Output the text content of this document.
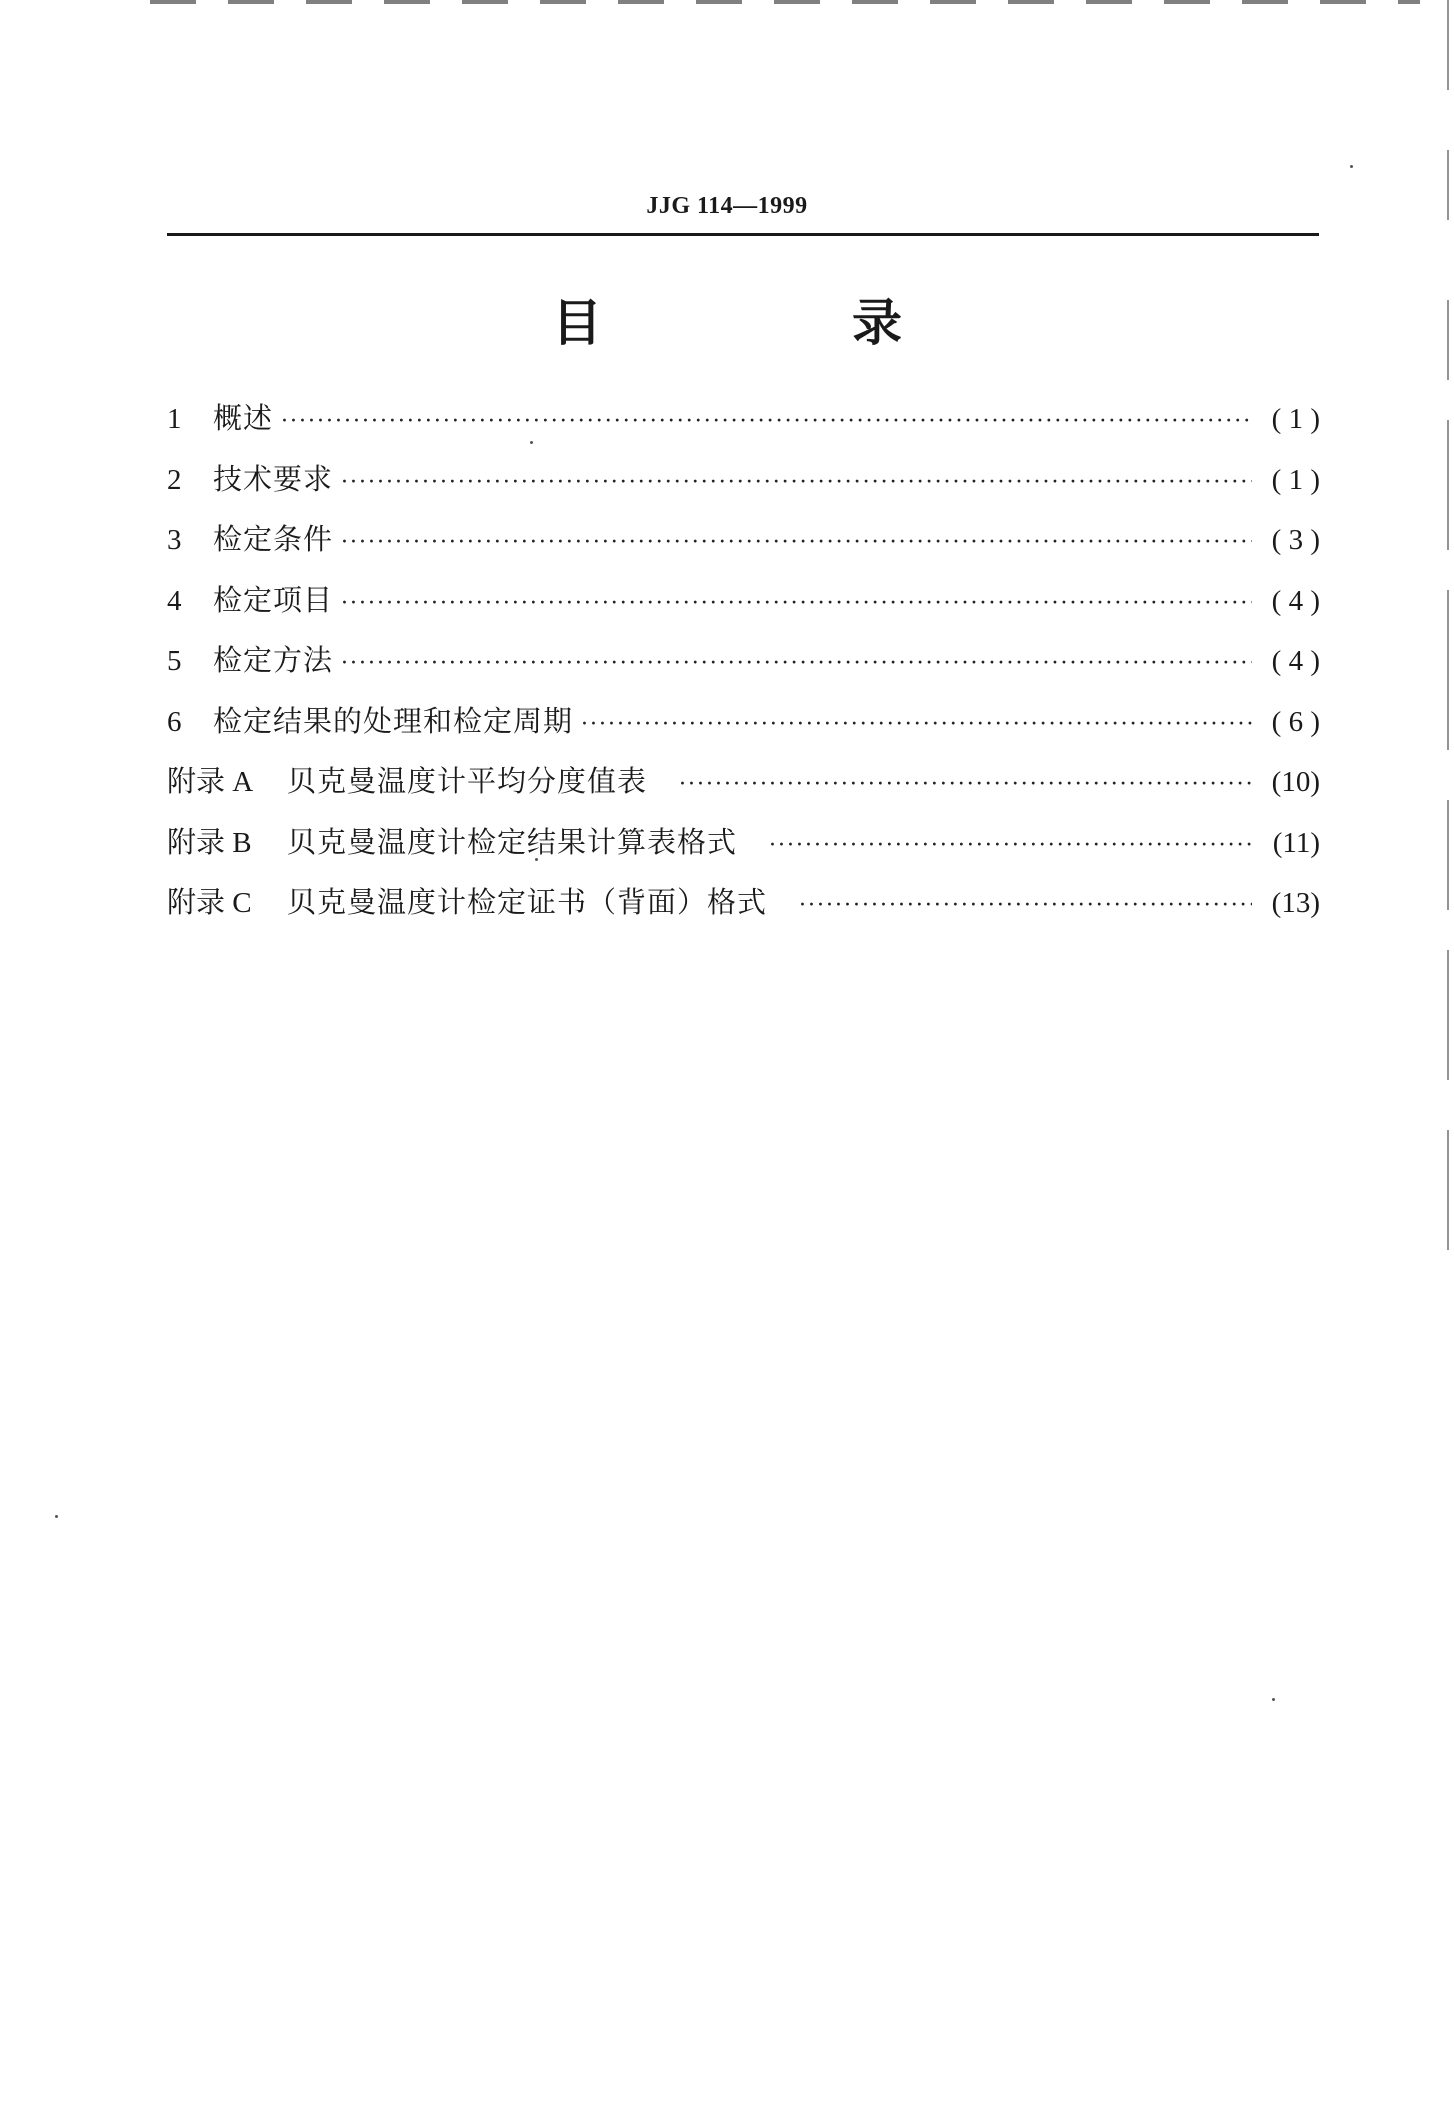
JJG 114—1999
目　录
1	概述 ·····	( 1 )
2	技术要求 ·····	( 1 )
3	检定条件 ·····	( 3 )
4	检定项目 ·····	( 4 )
5	检定方法 ·····	( 4 )
6	检定结果的处理和检定周期 ·····	( 6 )
附录 A	贝克曼温度计平均分度值表 ·····	(10)
附录 B	贝克曼温度计检定结果计算表格式 ·····	(11)
附录 C	贝克曼温度计检定证书（背面）格式 ·····	(13)
